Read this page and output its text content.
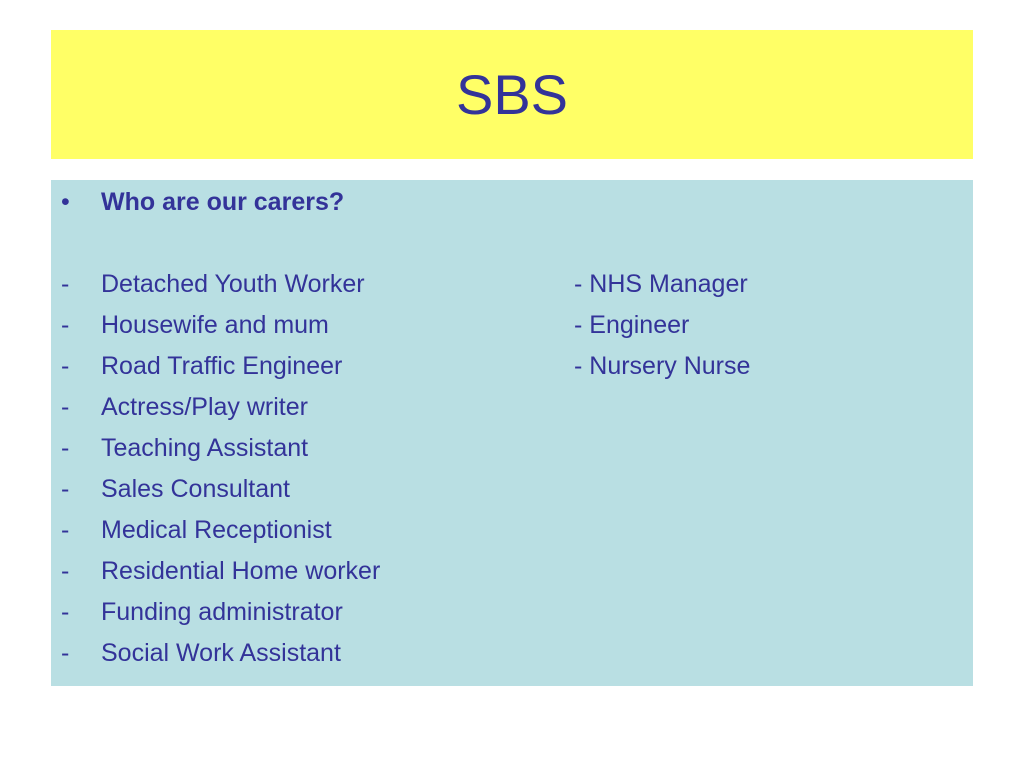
SBS
•	Who are our carers?
-	Detached Youth Worker
-	Housewife and mum
-	Road Traffic Engineer
-	Actress/Play writer
-	Teaching Assistant
-	Sales Consultant
-	Medical Receptionist
-	Residential Home worker
-	Funding administrator
-	Social Work Assistant
- NHS Manager
- Engineer
- Nursery Nurse
